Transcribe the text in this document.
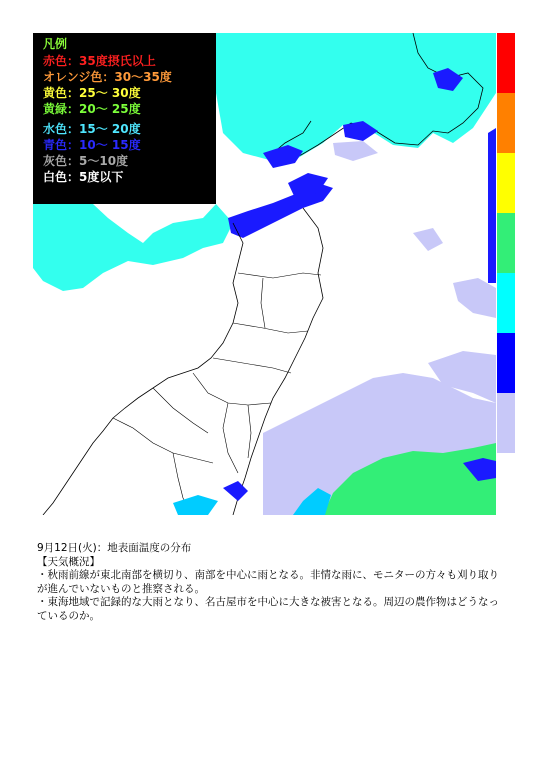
凡例
赤色：35度摂氏以上
オレンジ色：30〜35度
黄色：25〜 30度
黄緑：20〜 25度
水色：15〜 20度
青色：10〜 15度
灰色：5〜10度
白色：5度以下

9月12日(火)：地表面温度の分布

【天気概況】

・秋雨前線が東北南部を横切り、南部を中心に雨となる。非情な雨に、モニターの方々も刈り取りが進んでいないものと推察される。

・東海地域で記録的な大雨となり、名古屋市を中心に大きな被害となる。周辺の農作物はどうなっているのか。
